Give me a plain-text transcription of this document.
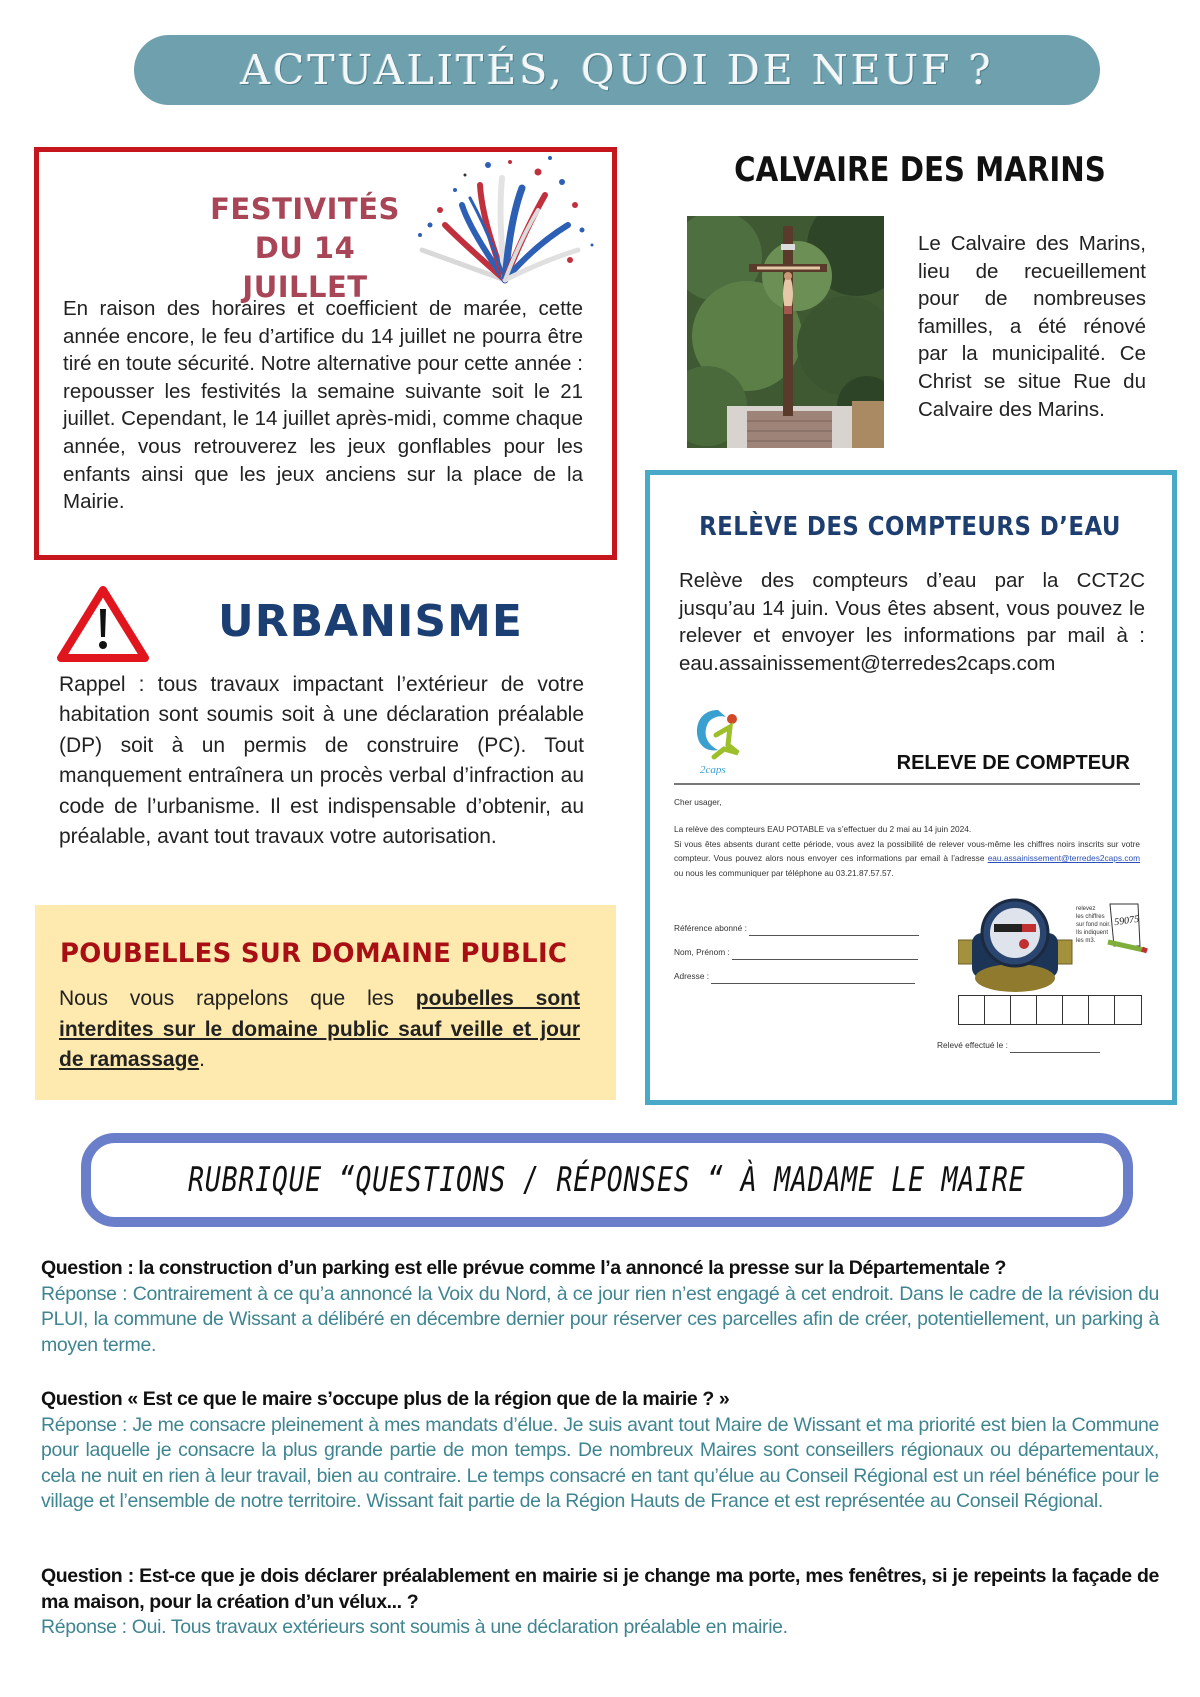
ACTUALITÉS, QUOI DE NEUF ?
FESTIVITÉS
DU 14 JUILLET
En raison des horaires et coefficient de marée, cette année encore, le feu d’artifice du 14 juillet ne pourra être tiré en toute sécurité. Notre alternative pour cette année : repousser les festivités la semaine suivante soit le 21 juillet. Cependant, le 14 juillet après-midi, comme chaque année, vous retrouverez les jeux gonflables pour les enfants ainsi que les jeux anciens sur la place de la Mairie.
CALVAIRE DES MARINS
Le Calvaire des Marins, lieu de recueillement pour de nombreuses familles, a été rénové par la municipalité. Ce Christ se situe Rue du Calvaire des Marins.
RELÈVE DES COMPTEURS D’EAU
Relève des compteurs d’eau par la CCT2C jusqu’au 14 juin. Vous êtes absent, vous pouvez le relever et envoyer les informations par mail à : eau.assainissement@terredes2caps.com
2caps	RELEVE DE COMPTEUR
Cher usager,
La relève des compteurs EAU POTABLE va s’effectuer du 2 mai au 14 juin 2024.
Si vous êtes absents durant cette période, vous avez la possibilité de relever vous-même les chiffres noirs inscrits sur votre compteur. Vous pouvez alors nous envoyer ces informations par email à l’adresse eau.assainissement@terredes2caps.com ou nous les communiquer par téléphone au 03.21.87.57.57.
Référence abonné :
Nom, Prénom :
Adresse :
relevez
les chiffres
sur fond noir.
Ils indiquent
les m3.
59075
Relevé effectué le :
URBANISME
Rappel : tous travaux impactant l’extérieur de votre habitation sont soumis soit à une déclaration préalable (DP) soit à un permis de construire (PC). Tout manquement entraînera un procès verbal d’infraction au code de l’urbanisme. Il est indispensable d’obtenir, au préalable, avant tout travaux votre autorisation.
POUBELLES SUR DOMAINE PUBLIC
Nous vous rappelons que les poubelles sont interdites sur le domaine public sauf veille et jour de ramassage.
RUBRIQUE “QUESTIONS / RÉPONSES “ À MADAME LE MAIRE
Question : la construction d’un parking est elle prévue comme l’a annoncé la presse sur la Départementale ?
Réponse : Contrairement à ce qu’a annoncé la Voix du Nord, à ce jour rien n’est engagé à cet endroit. Dans le cadre de la révision du PLUI, la commune de Wissant a délibéré en décembre dernier pour réserver ces parcelles afin de créer, potentiellement, un parking à moyen terme.
Question « Est ce que le maire s’occupe plus de la région que de la mairie ? »
Réponse : Je me consacre pleinement à mes mandats d’élue. Je suis avant tout Maire de Wissant et ma priorité est bien la Commune pour laquelle je consacre la plus grande partie de mon temps. De nombreux Maires sont conseillers régionaux ou départementaux, cela ne nuit en rien à leur travail, bien au contraire. Le temps consacré en tant qu’élue au Conseil Régional est un réel bénéfice pour le village et l’ensemble de notre territoire. Wissant fait partie de la Région Hauts de France et est représentée au Conseil Régional.
Question : Est-ce que je dois déclarer préalablement en mairie si je change ma porte, mes fenêtres, si je repeints la façade de ma maison, pour la création d’un vélux... ?
Réponse : Oui. Tous travaux extérieurs sont soumis à une déclaration préalable en mairie.
